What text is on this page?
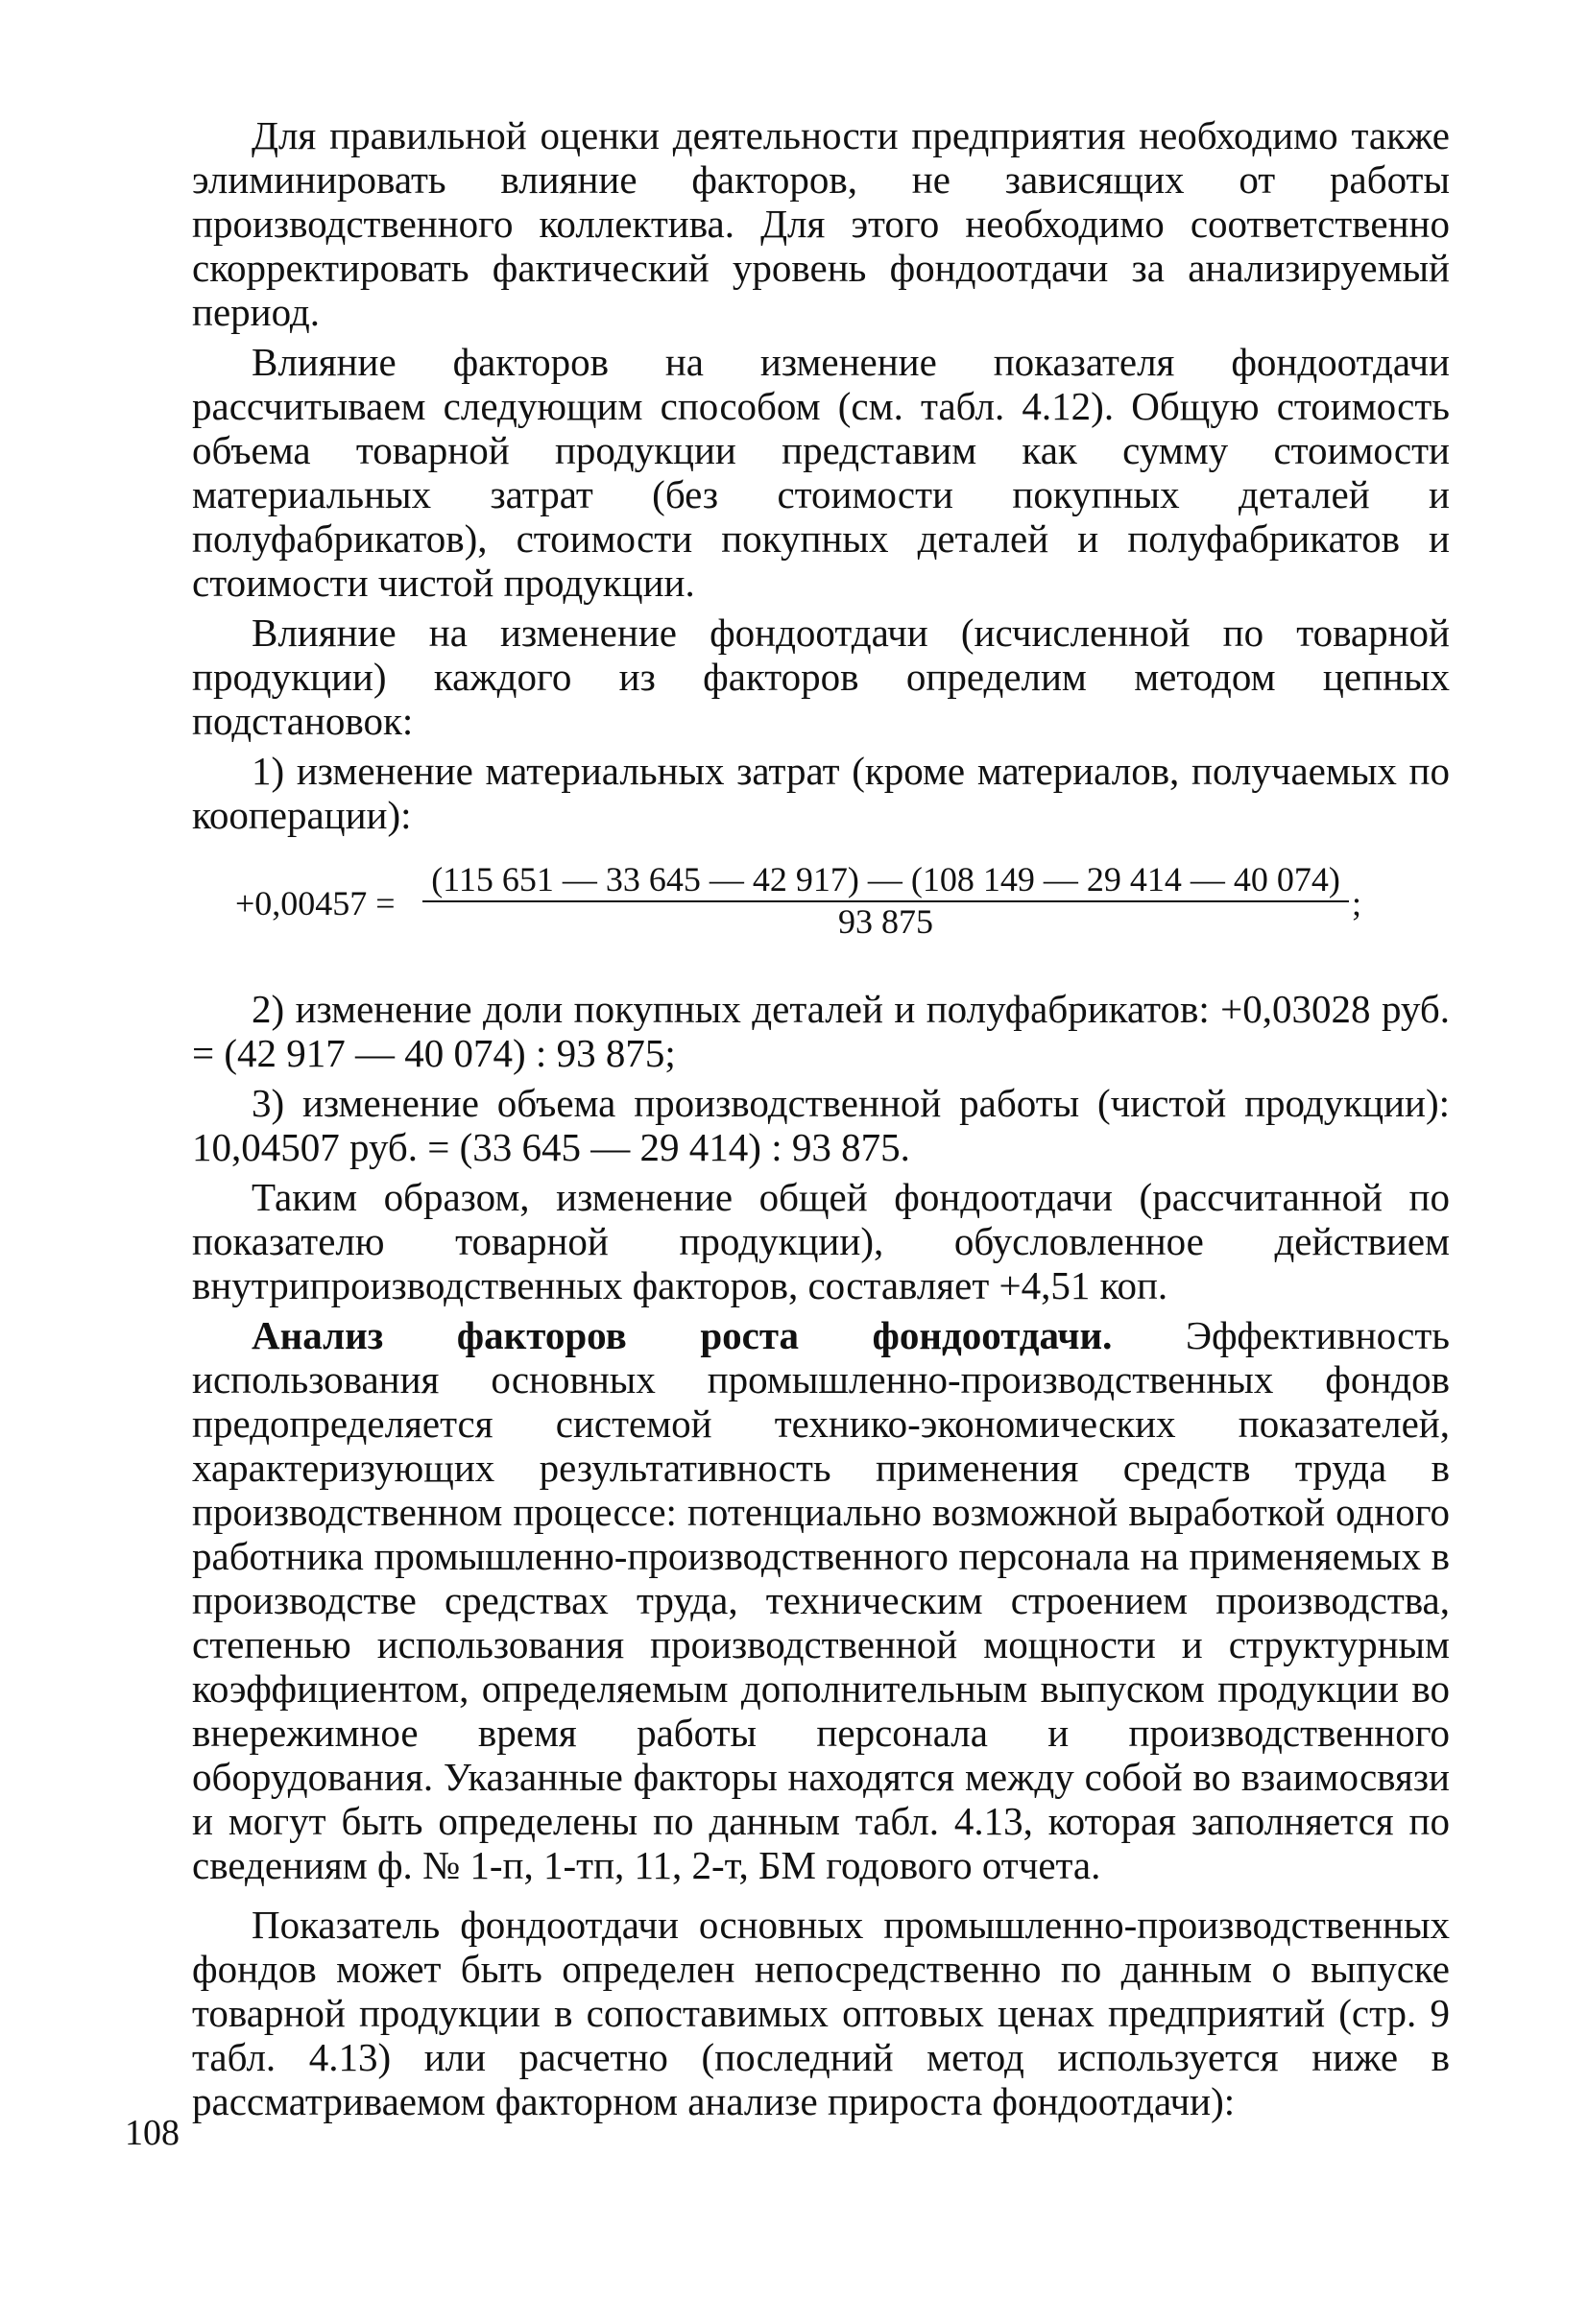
Для правильной оценки деятельности предприятия необходимо также элиминировать влияние факторов, не зависящих от работы производственного коллектива. Для этого необходимо соответственно скорректировать фактический уровень фондоотдачи за анализируемый период.

Влияние факторов на изменение показателя фондоотдачи рассчитываем следующим способом (см. табл. 4.12). Общую стоимость объема товарной продукции представим как сумму стоимости материальных затрат (без стоимости покупных деталей и полуфабрикатов), стоимости покупных деталей и полуфабрикатов и стоимости чистой продукции.

Влияние на изменение фондоотдачи (исчисленной по товарной продукции) каждого из факторов определим методом цепных подстановок:

1) изменение материальных затрат (кроме материалов, получаемых по кооперации):

$+0,00457 = \frac{(115 651 — 33 645 — 42 917) — (108 149 — 29 414 — 40 074)}{93 875}$ ;

2) изменение доли покупных деталей и полуфабрикатов: +0,03028 руб. = (42 917 — 40 074) : 93 875;

3) изменение объема производственной работы (чистой продукции): 10,04507 руб. = (33 645 — 29 414) : 93 875.

Таким образом, изменение общей фондоотдачи (рассчитанной по показателю товарной продукции), обусловленное действием внутрипроизводственных факторов, составляет +4,51 коп.

Анализ факторов роста фондоотдачи. Эффективность использования основных промышленно-производственных фондов предопределяется системой технико-экономических показателей, характеризующих результативность применения средств труда в производственном процессе: потенциально возможной выработкой одного работника промышленно-производственного персонала на применяемых в производстве средствах труда, техническим строением производства, степенью использования производственной мощности и структурным коэффициентом, определяемым дополнительным выпуском продукции во внережимное время работы персонала и производственного оборудования. Указанные факторы находятся между собой во взаимосвязи и могут быть определены по данным табл. 4.13, которая заполняется по сведениям ф. № 1-п, 1-тп, 11, 2-т, БМ годового отчета.

Показатель фондоотдачи основных промышленно-производственных фондов может быть определен непосредственно по данным о выпуске товарной продукции в сопоставимых оптовых ценах предприятий (стр. 9 табл. 4.13) или расчетно (последний метод используется ниже в рассматриваемом факторном анализе прироста фондоотдачи):

108
